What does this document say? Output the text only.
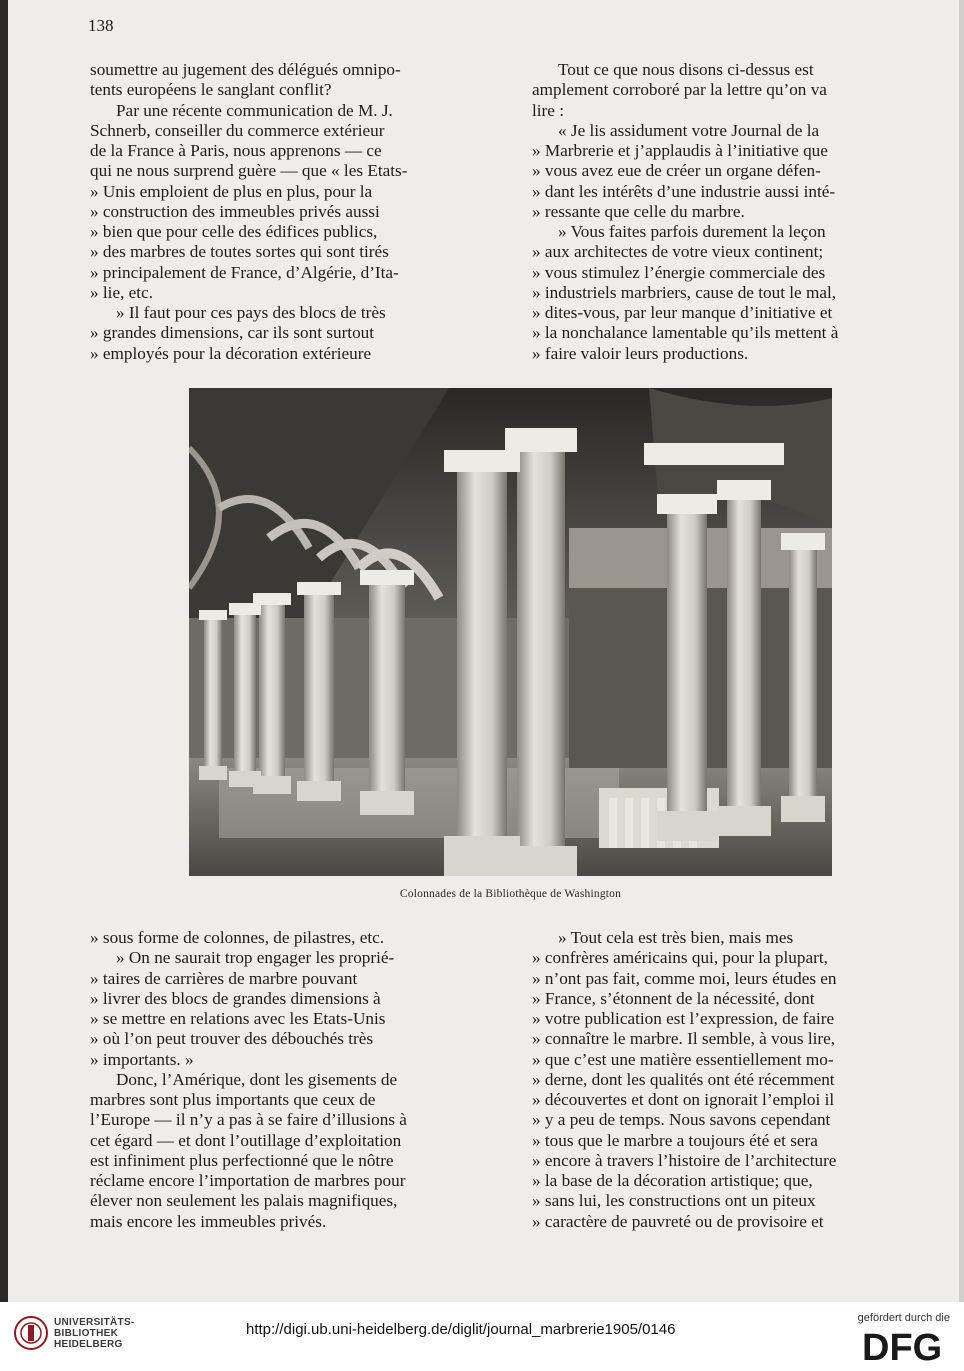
138

soumettre au jugement des délégués omnipo-

tents européens le sanglant conflit?

Par une récente communication de M. J.

Schnerb, conseiller du commerce extérieur

de la France à Paris, nous apprenons — ce

qui ne nous surprend guère — que « les Etats-

» Unis emploient de plus en plus, pour la

» construction des immeubles privés aussi

» bien que pour celle des édifices publics,

» des marbres de toutes sortes qui sont tirés

» principalement de France, d’Algérie, d’Ita-

» lie, etc.

» Il faut pour ces pays des blocs de très

» grandes dimensions, car ils sont surtout

» employés pour la décoration extérieure

Tout ce que nous disons ci-dessus est

amplement corroboré par la lettre qu’on va

lire :

« Je lis assidument votre Journal de la

» Marbrerie et j’applaudis à l’initiative que

» vous avez eue de créer un organe défen-

» dant les intérêts d’une industrie aussi inté-

» ressante que celle du marbre.

» Vous faites parfois durement la leçon

» aux architectes de votre vieux continent;

» vous stimulez l’énergie commerciale des

» industriels marbriers, cause de tout le mal,

» dites-vous, par leur manque d’initiative et

» la nonchalance lamentable qu’ils mettent à

» faire valoir leurs productions.

Colonnades de la Bibliothèque de Washington

» sous forme de colonnes, de pilastres, etc.

» On ne saurait trop engager les proprié-

» taires de carrières de marbre pouvant

» livrer des blocs de grandes dimensions à

» se mettre en relations avec les Etats-Unis

» où l’on peut trouver des débouchés très

» importants. »

Donc, l’Amérique, dont les gisements de

marbres sont plus importants que ceux de

l’Europe — il n’y a pas à se faire d’illusions à

cet égard — et dont l’outillage d’exploitation

est infiniment plus perfectionné que le nôtre

réclame encore l’importation de marbres pour

élever non seulement les palais magnifiques,

mais encore les immeubles privés.

» Tout cela est très bien, mais mes

» confrères américains qui, pour la plupart,

» n’ont pas fait, comme moi, leurs études en

» France, s’étonnent de la nécessité, dont

» votre publication est l’expression, de faire

» connaître le marbre. Il semble, à vous lire,

» que c’est une matière essentiellement mo-

» derne, dont les qualités ont été récemment

» découvertes et dont on ignorait l’emploi il

» y a peu de temps. Nous savons cependant

» tous que le marbre a toujours été et sera

» encore à travers l’histoire de l’architecture

» la base de la décoration artistique; que,

» sans lui, les constructions ont un piteux

» caractère de pauvreté ou de provisoire et

UNIVERSITÄTS-
BIBLIOTHEK
HEIDELBERG
http://digi.ub.uni-heidelberg.de/diglit/journal_marbrerie1905/0146
gefördert durch die
DFG
